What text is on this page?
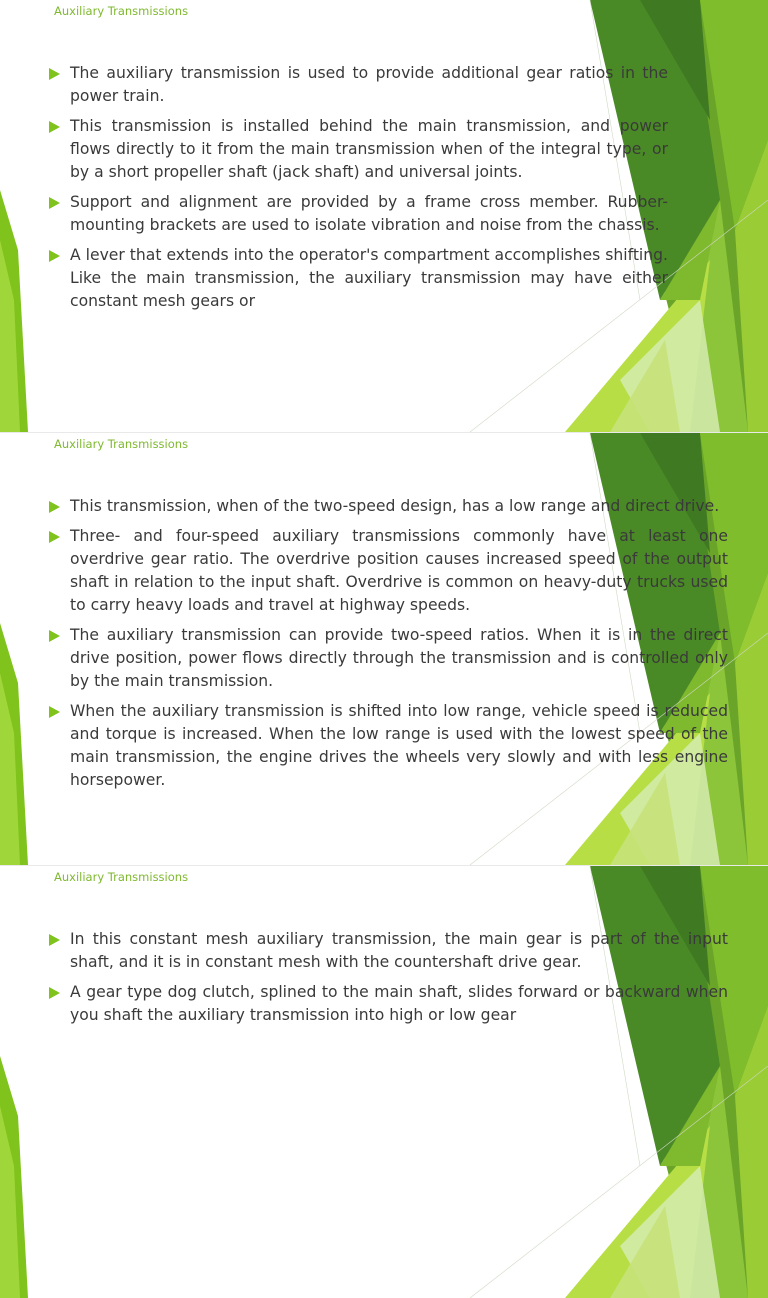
Auxiliary Transmissions
The auxiliary transmission is used to provide additional gear ratios in the power train.
This transmission is installed behind the main transmission, and power flows directly to it from the main transmission when of the integral type, or by a short propeller shaft (jack shaft) and universal joints.
Support and alignment are provided by a frame cross member. Rubber-mounting brackets are used to isolate vibration and noise from the chassis.
A lever that extends into the operator's compartment accomplishes shifting. Like the main transmission, the auxiliary transmission may have either constant mesh gears or
Auxiliary Transmissions
This transmission, when of the two-speed design, has a low range and direct drive.
Three- and four-speed auxiliary transmissions commonly have at least one overdrive gear ratio. The overdrive position causes increased speed of the output shaft in relation to the input shaft. Overdrive is common on heavy-duty trucks used to carry heavy loads and travel at highway speeds.
The auxiliary transmission can provide two-speed ratios. When it is in the direct drive position, power flows directly through the transmission and is controlled only by the main transmission.
When the auxiliary transmission is shifted into low range, vehicle speed is reduced and torque is increased. When the low range is used with the lowest speed of the main transmission, the engine drives the wheels very slowly and with less engine horsepower.
Auxiliary Transmissions
In this constant mesh auxiliary transmission, the main gear is part of the input shaft, and it is in constant mesh with the countershaft drive gear.
A gear type dog clutch, splined to the main shaft, slides forward or backward when you shaft the auxiliary transmission into high or low gear
